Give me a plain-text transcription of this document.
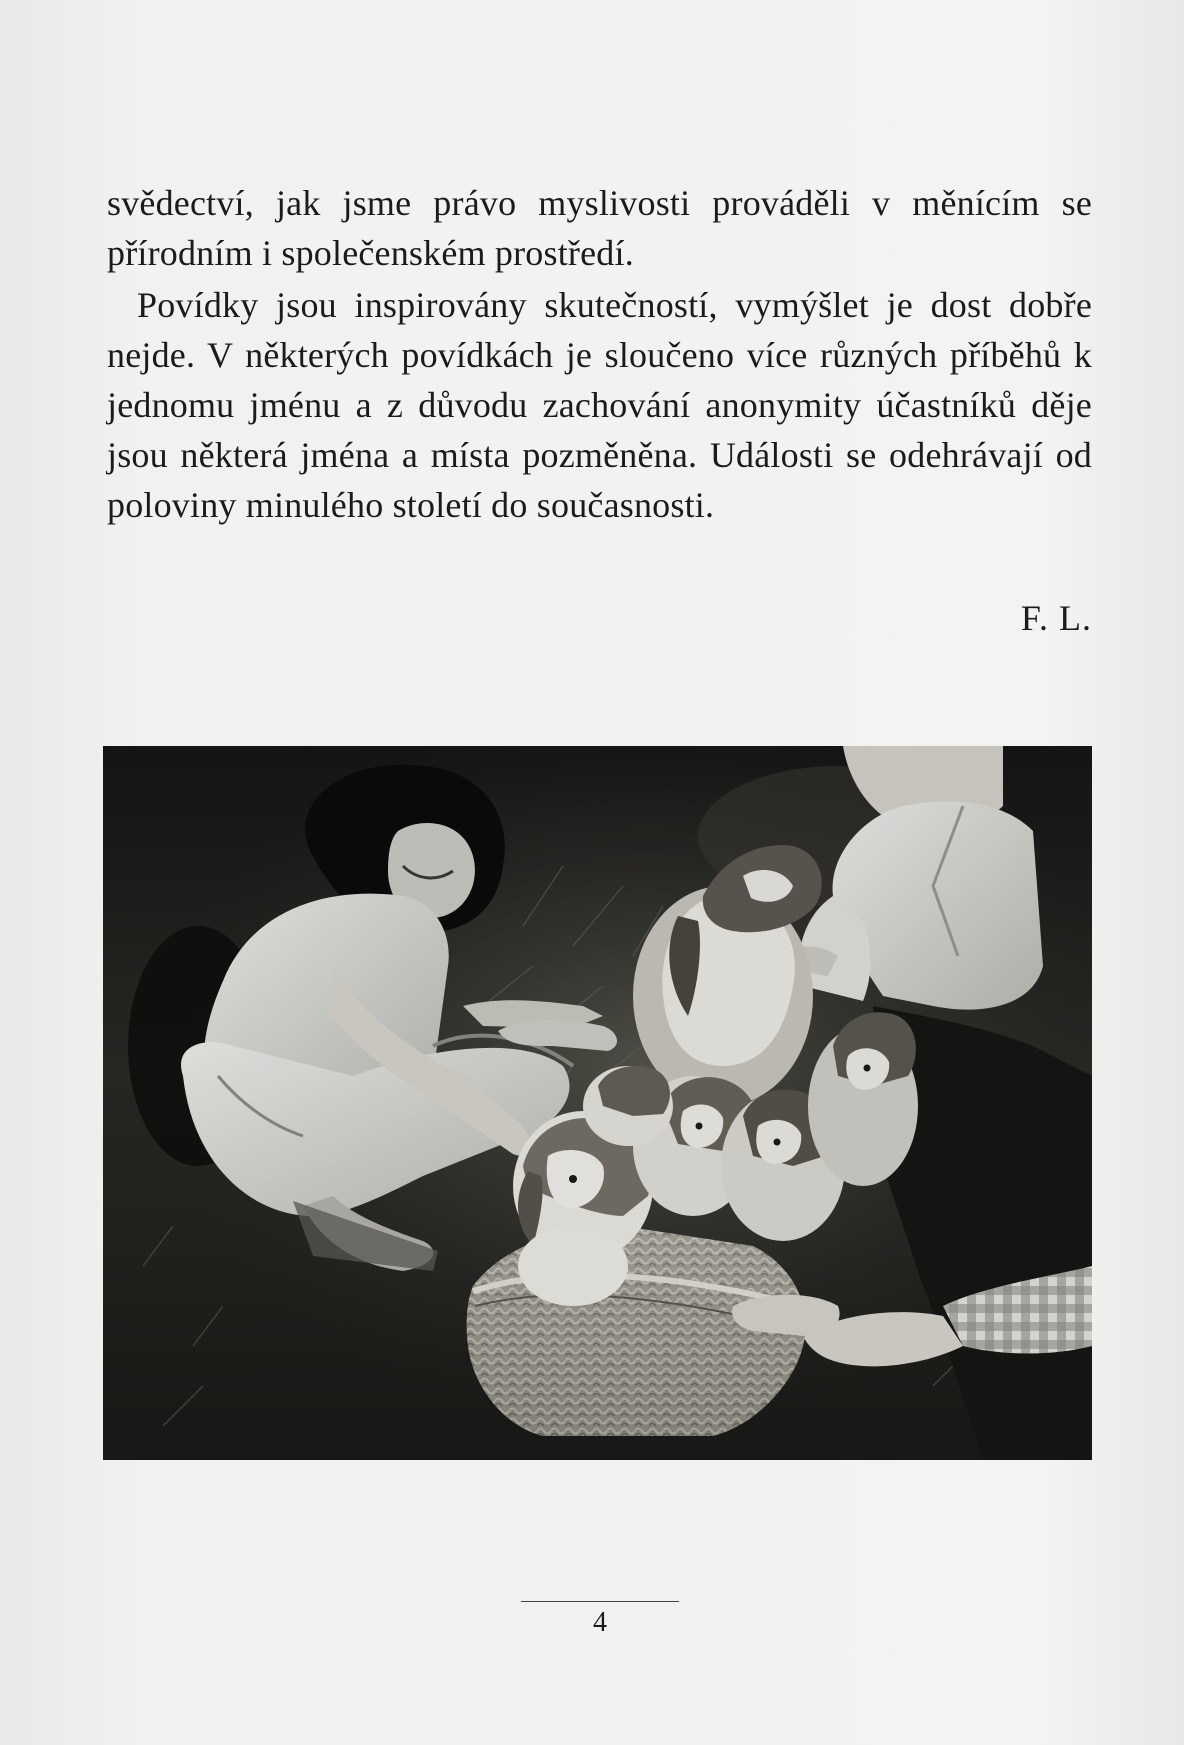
svědectví, jak jsme právo myslivosti prováděli v měnícím se přírodním i společenském prostředí.

Povídky jsou inspirovány skutečností, vymýšlet je dost dobře nejde. V některých povídkách je sloučeno více různých příběhů k jednomu jménu a z důvodu zachování anonymity účastníků děje jsou některá jména a místa pozměněna. Události se odehrávají od poloviny minulého století do současnosti.

F. L.
4
